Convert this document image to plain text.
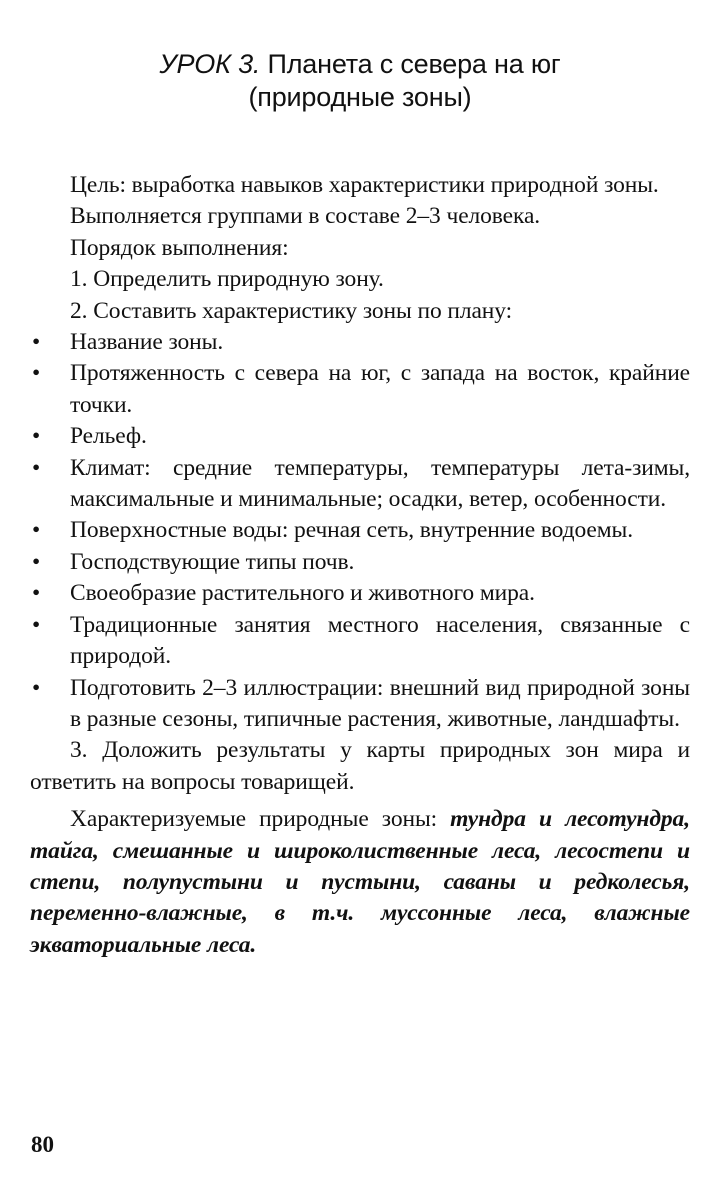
УРОК 3. Планета с севера на юг
(природные зоны)

Цель: выработка навыков характеристики природной зоны.

Выполняется группами в составе 2–3 человека.

Порядок выполнения:

1. Определить природную зону.

2. Составить характеристику зоны по плану:

• Название зоны.
• Протяженность с севера на юг, с запада на восток, крайние точки.
• Рельеф.
• Климат: средние температуры, температуры лета-зимы, максимальные и минимальные; осадки, ветер, особенности.
• Поверхностные воды: речная сеть, внутренние водоемы.
• Господствующие типы почв.
• Своеобразие растительного и животного мира.
• Традиционные занятия местного населения, связанные с природой.
• Подготовить 2–3 иллюстрации: внешний вид природной зоны в разные сезоны, типичные растения, животные, ландшафты.

3. Доложить результаты у карты природных зон мира и ответить на вопросы товарищей.

Характеризуемые природные зоны: тундра и лесотундра, тайга, смешанные и широколиственные леса, лесостепи и степи, полупустыни и пустыни, саваны и редколесья, переменно-влажные, в т.ч. муссонные леса, влажные экваториальные леса.

80
